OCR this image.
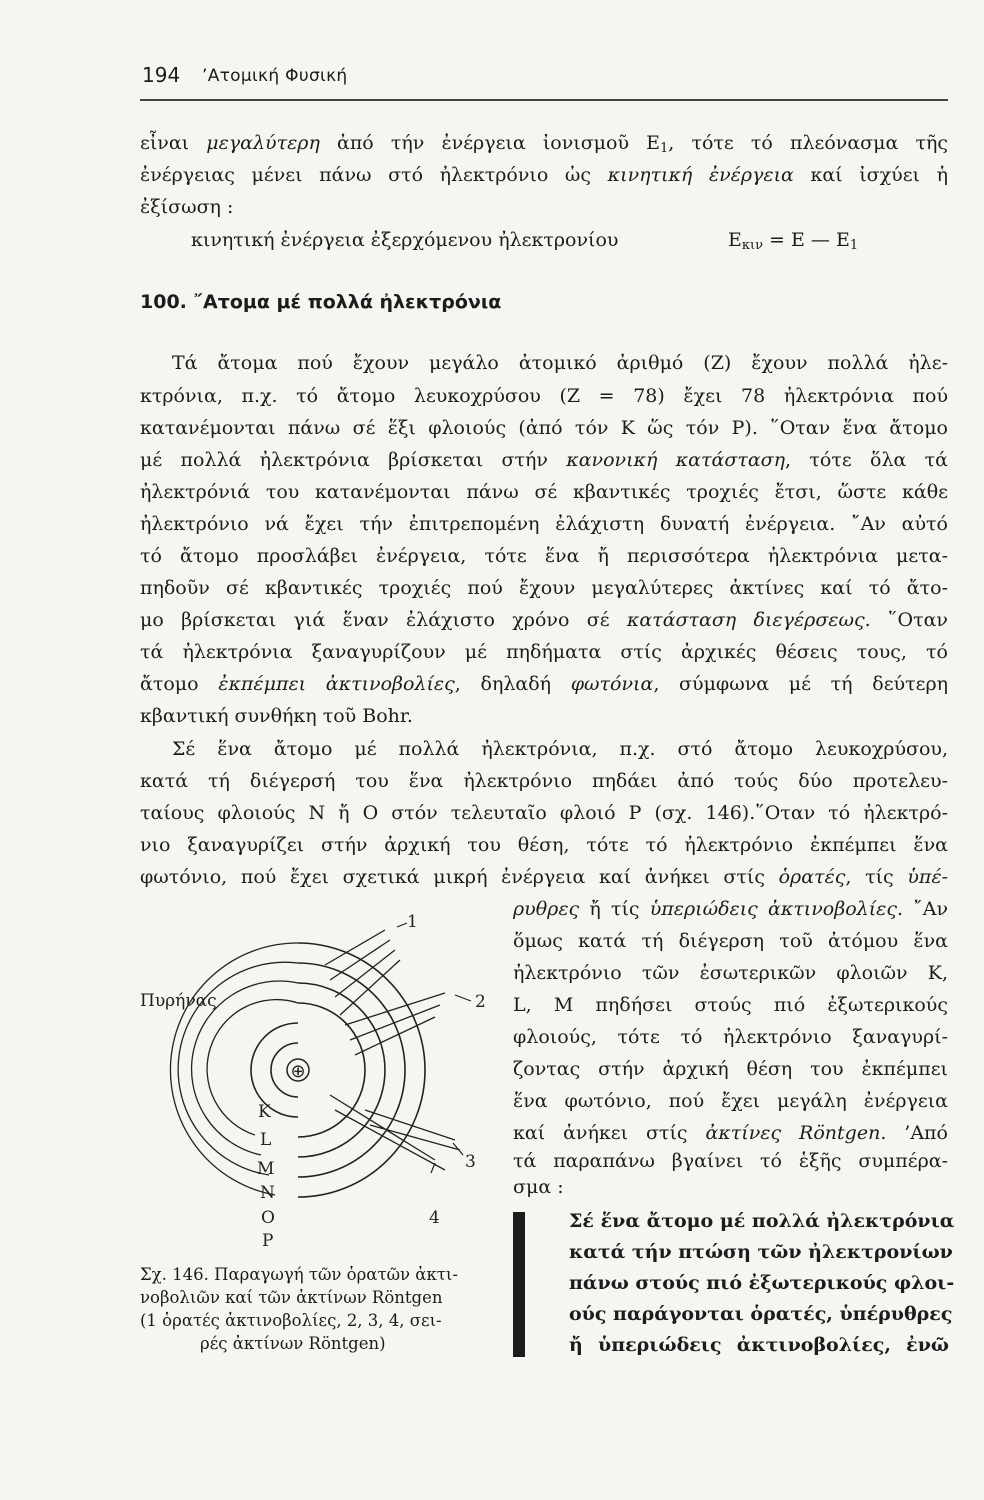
194 ’Ατομική Φυσική
εἶναι μεγαλύτερη ἀπό τήν ἐνέργεια ἰονισμοῦ $E_1$, τότε τό πλεόνασμα τῆς
ἐνέργειας μένει πάνω στό ἠλεκτρόνιο ὡς κινητική ἐνέργεια καί ἰσχύει ἡ
ἐξίσωση :
κινητική ἐνέργεια ἐξερχόμενου ἠλεκτρονίου	$E_{\kappa\iota\nu} = E$ — $E_1$
100. ῎Ατομα μέ πολλά ἠλεκτρόνια
Τά ἄτομα πού ἔχουν μεγάλο ἀτομικό ἀριθμό (Ζ) ἔχουν πολλά ἠλε-
κτρόνια, π.χ. τό ἄτομο λευκοχρύσου (Ζ = 78) ἔχει 78 ἠλεκτρόνια πού
κατανέμονται πάνω σέ ἕξι φλοιούς (ἀπό τόν Κ ὥς τόν Ρ). ῞Οταν ἕνα ἄτομο
μέ πολλά ἠλεκτρόνια βρίσκεται στήν κανονική κατάσταση, τότε ὅλα τά
ἠλεκτρόνιά του κατανέμονται πάνω σέ κβαντικές τροχιές ἔτσι, ὥστε κάθε
ἠλεκτρόνιο νά ἔχει τήν ἐπιτρεπομένη ἐλάχιστη δυνατή ἐνέργεια. ῎Αν αὐτό
τό ἄτομο προσλάβει ἐνέργεια, τότε ἕνα ἤ περισσότερα ἠλεκτρόνια μετα-
πηδοῦν σέ κβαντικές τροχιές πού ἔχουν μεγαλύτερες ἀκτίνες καί τό ἄτο-
μο βρίσκεται γιά ἕναν ἐλάχιστο χρόνο σέ κατάσταση διεγέρσεως. ῞Οταν
τά ἠλεκτρόνια ξαναγυρίζουν μέ πηδήματα στίς ἀρχικές θέσεις τους, τό
ἄτομο ἐκπέμπει ἀκτινοβολίες, δηλαδή φωτόνια, σύμφωνα μέ τή δεύτερη
κβαντική συνθήκη τοῦ Bohr.
Σέ ἕνα ἄτομο μέ πολλά ἠλεκτρόνια, π.χ. στό ἄτομο λευκοχρύσου,
κατά τή διέγερσή του ἕνα ἠλεκτρόνιο πηδάει ἀπό τούς δύο προτελευ-
ταίους φλοιούς Ν ἤ Ο στόν τελευταῖο φλοιό Ρ (σχ. 146).῞Οταν τό ἠλεκτρό-
νιο ξαναγυρίζει στήν ἀρχική του θέση, τότε τό ἠλεκτρόνιο ἐκπέμπει ἕνα
φωτόνιο, πού ἔχει σχετικά μικρή ἐνέργεια καί ἀνήκει στίς ὁρατές, τίς ὑπέ-
ρυθρες ἤ τίς ὑπεριώδεις ἀκτινοβολίες. ῎Αν
ὅμως κατά τή διέγερση τοῦ ἀτόμου ἕνα
ἠλεκτρόνιο τῶν ἐσωτερικῶν φλοιῶν Κ,
L, Μ πηδήσει στούς πιό ἐξωτερικούς
φλοιούς, τότε τό ἠλεκτρόνιο ξαναγυρί-
ζοντας στήν ἀρχική θέση του ἐκπέμπει
ἕνα φωτόνιο, πού ἔχει μεγάλη ἐνέργεια
καί ἀνήκει στίς ἀκτίνες Röntgen. ’Από
τά παραπάνω βγαίνει τό ἑξῆς συμπέρα-
σμα :
Σέ ἕνα ἄτομο μέ πολλά ἠλεκτρόνια
κατά τήν πτώση τῶν ἠλεκτρονίων
πάνω στούς πιό ἐξωτερικούς φλοι-
ούς παράγονται ὁρατές, ὑπέρυθρες
ἤ ὑπεριώδεις ἀκτινοβολίες, ἐνῶ
Πυρήνας
⊕
K
L
M
N
O
P
1
2
3
4
Σχ. 146. Παραγωγή τῶν ὁρατῶν ἀκτι-
νοβολιῶν καί τῶν ἀκτίνων Röntgen
(1 ὁρατές ἀκτινοβολίες, 2, 3, 4, σει-
ρές ἀκτίνων Röntgen)
